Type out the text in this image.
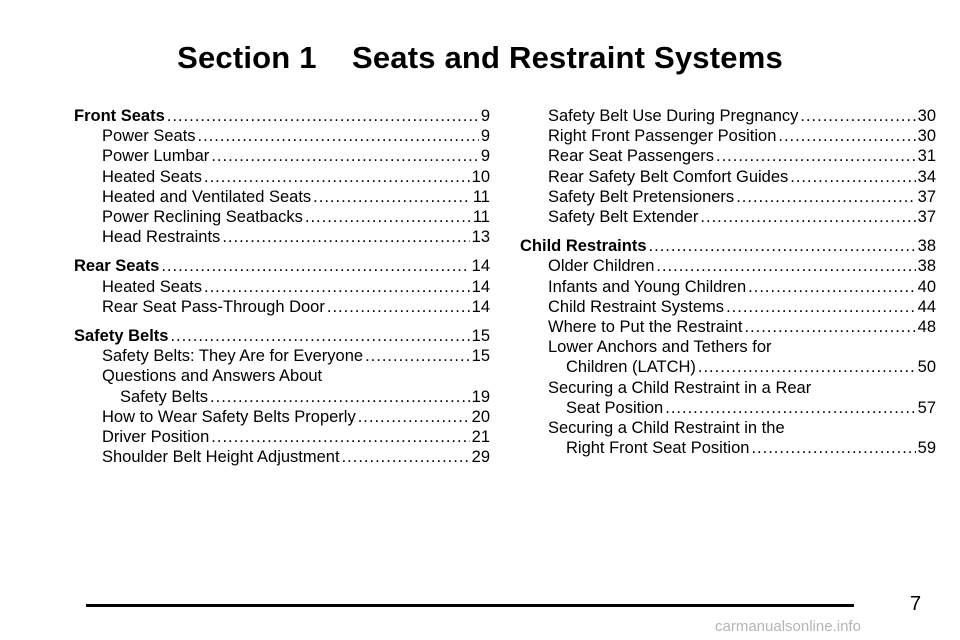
Section 1    Seats and Restraint Systems
Front Seats .....	9
Power Seats .....	9
Power Lumbar .....	9
Heated Seats .....	10
Heated and Ventilated Seats .....	11
Power Reclining Seatbacks .....	11
Head Restraints .....	13
Rear Seats .....	14
Heated Seats .....	14
Rear Seat Pass-Through Door .....	14
Safety Belts .....	15
Safety Belts: They Are for Everyone .....	15
Questions and Answers About
Safety Belts .....	19
How to Wear Safety Belts Properly .....	20
Driver Position .....	21
Shoulder Belt Height Adjustment .....	29
Safety Belt Use During Pregnancy .....	30
Right Front Passenger Position .....	30
Rear Seat Passengers .....	31
Rear Safety Belt Comfort Guides .....	34
Safety Belt Pretensioners .....	37
Safety Belt Extender .....	37
Child Restraints .....	38
Older Children .....	38
Infants and Young Children .....	40
Child Restraint Systems .....	44
Where to Put the Restraint .....	48
Lower Anchors and Tethers for
Children (LATCH) .....	50
Securing a Child Restraint in a Rear
Seat Position .....	57
Securing a Child Restraint in the
Right Front Seat Position .....	59
7
carmanualsonline.info
